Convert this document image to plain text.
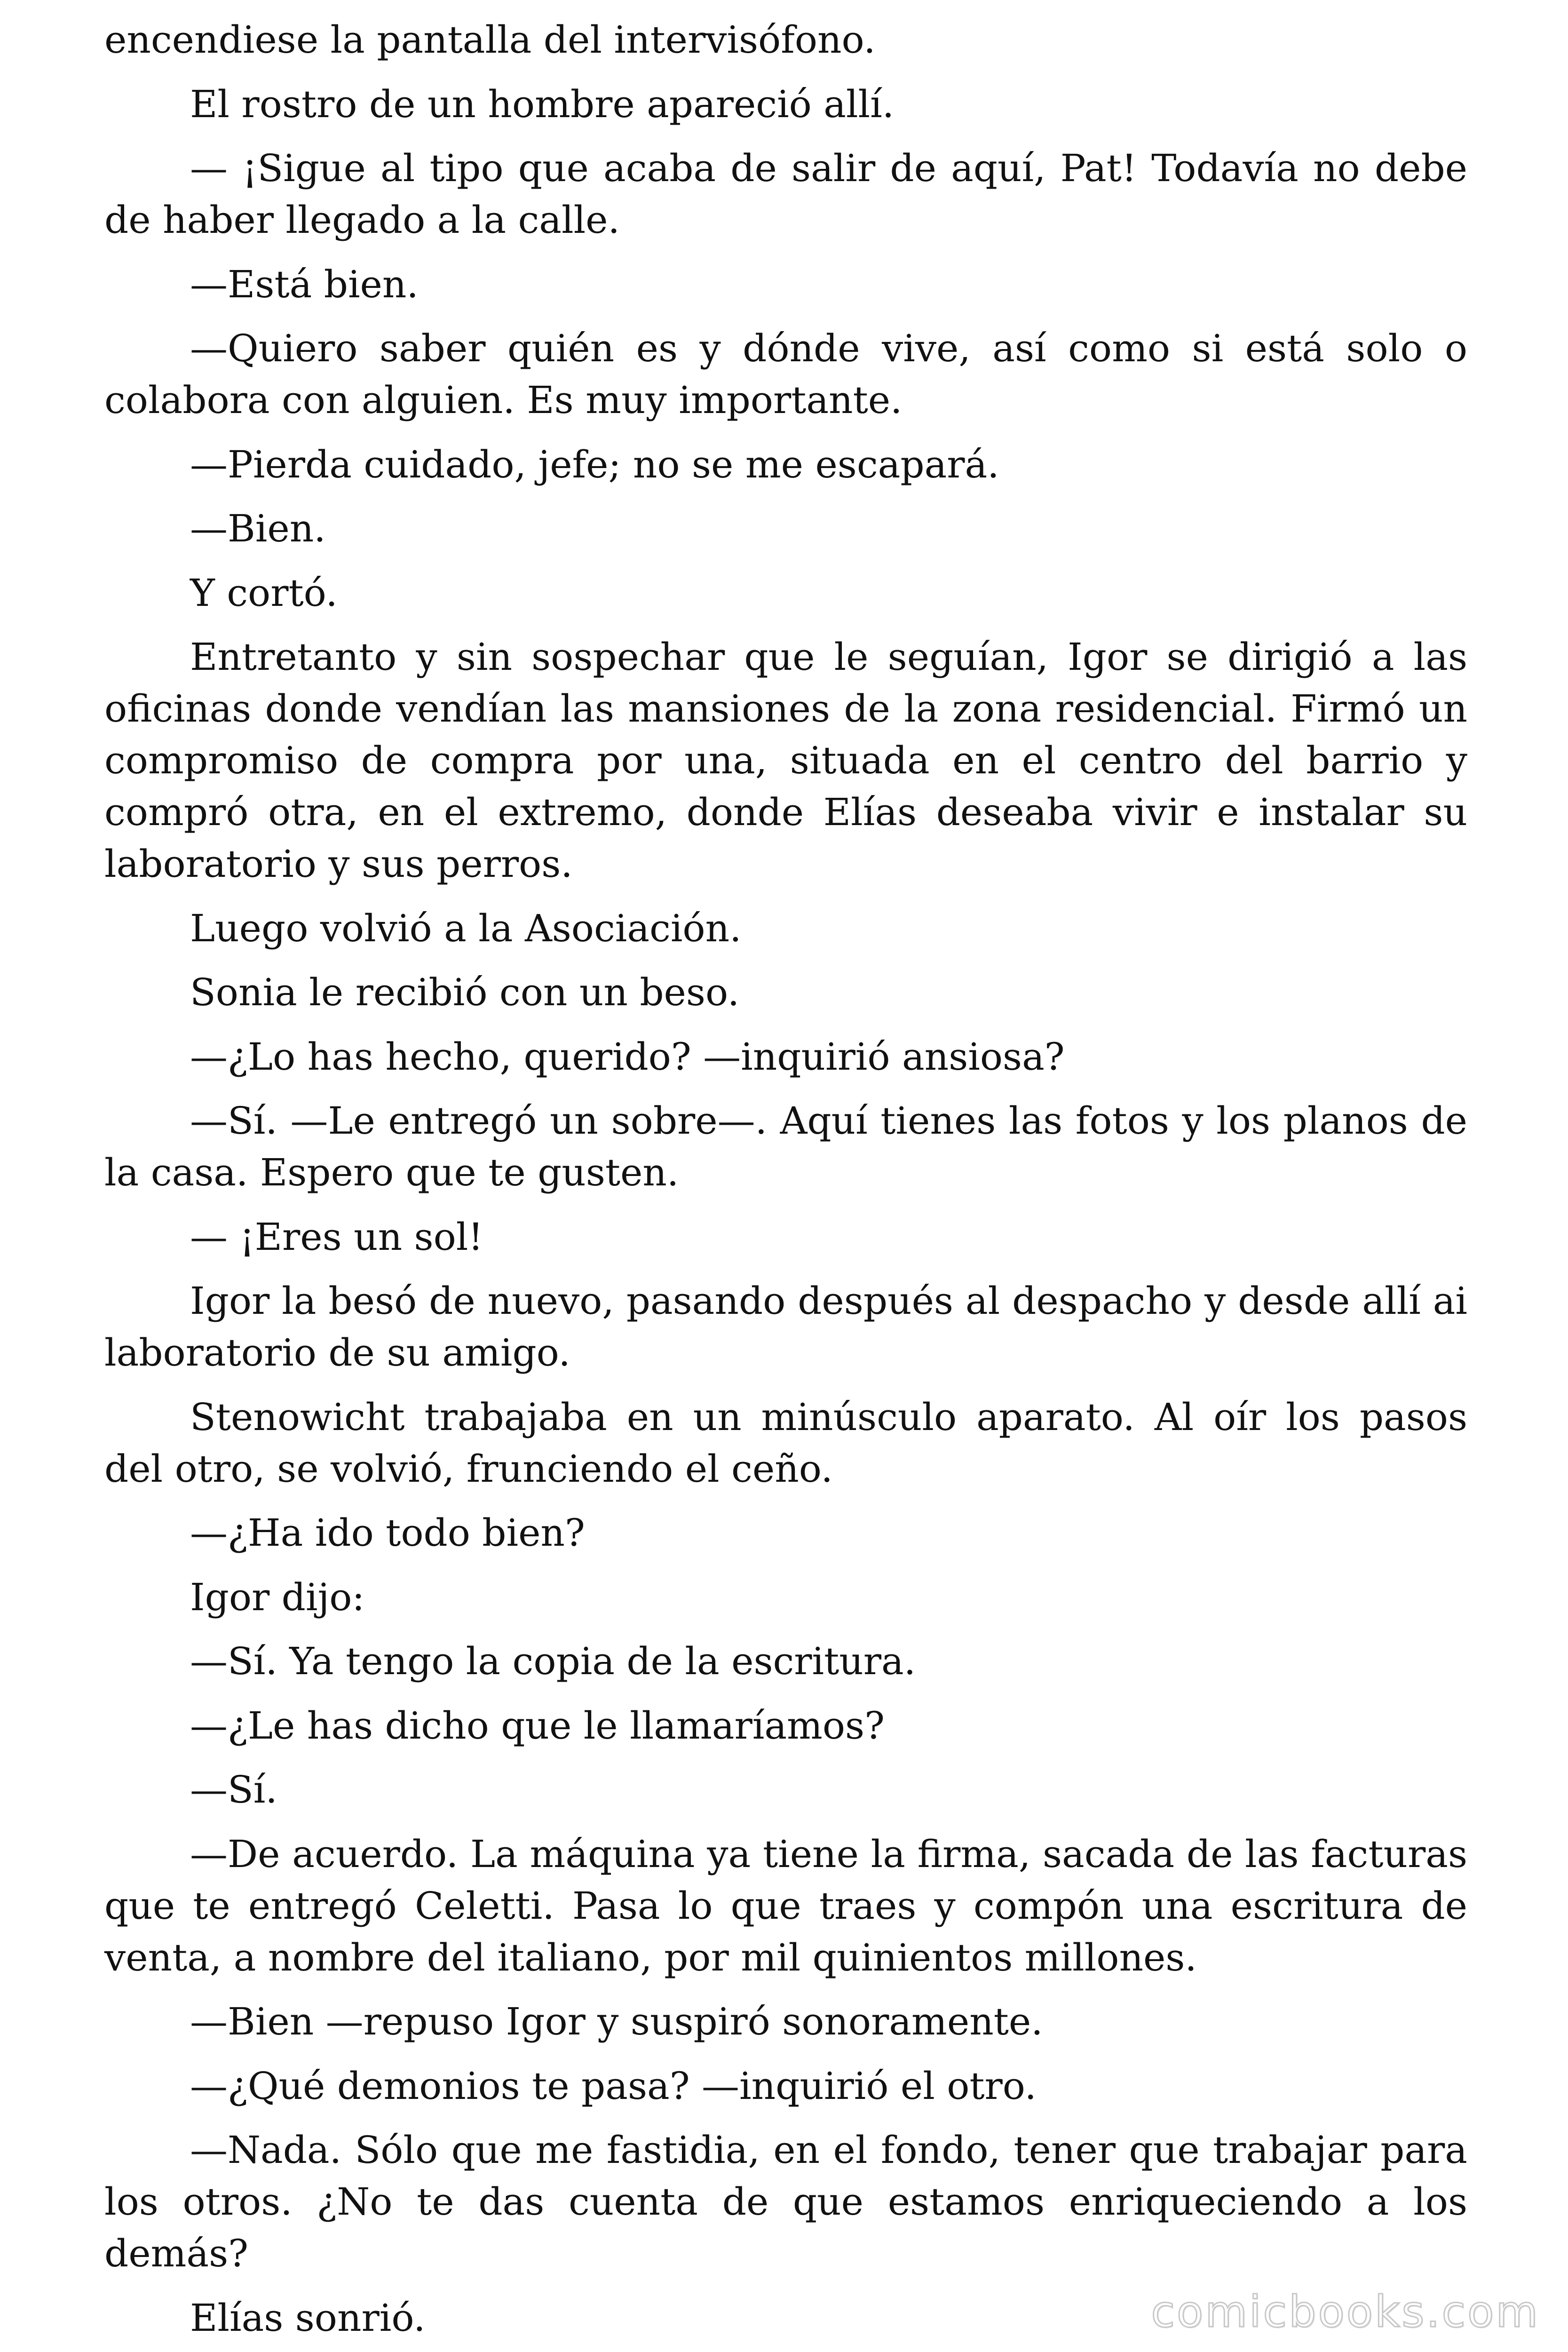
encendiese la pantalla del intervisófono.

El rostro de un hombre apareció allí.

— ¡Sigue al tipo que acaba de salir de aquí, Pat! Todavía no debe de haber llegado a la calle.

—Está bien.

—Quiero saber quién es y dónde vive, así como si está solo o colabora con alguien. Es muy importante.

—Pierda cuidado, jefe; no se me escapará.

—Bien.

Y cortó.

Entretanto y sin sospechar que le seguían, Igor se dirigió a las oficinas donde vendían las mansiones de la zona residencial. Firmó un compromiso de compra por una, situada en el centro del barrio y compró otra, en el extremo, donde Elías deseaba vivir e instalar su laboratorio y sus perros.

Luego volvió a la Asociación.

Sonia le recibió con un beso.

—¿Lo has hecho, querido? —inquirió ansiosa?

—Sí. —Le entregó un sobre—. Aquí tienes las fotos y los planos de la casa. Espero que te gusten.

— ¡Eres un sol!

Igor la besó de nuevo, pasando después al despacho y desde allí ai laboratorio de su amigo.

Stenowicht trabajaba en un minúsculo aparato. Al oír los pasos del otro, se volvió, frunciendo el ceño.

—¿Ha ido todo bien?

Igor dijo:

—Sí. Ya tengo la copia de la escritura.

—¿Le has dicho que le llamaríamos?

—Sí.

—De acuerdo. La máquina ya tiene la firma, sacada de las facturas que te entregó Celetti. Pasa lo que traes y compón una escritura de venta, a nombre del italiano, por mil quinientos millones.

—Bien —repuso Igor y suspiró sonoramente.

—¿Qué demonios te pasa? —inquirió el otro.

—Nada. Sólo que me fastidia, en el fondo, tener que trabajar para los otros. ¿No te das cuenta de que estamos enriqueciendo a los demás?

Elías sonrió.	comicbooks.com
